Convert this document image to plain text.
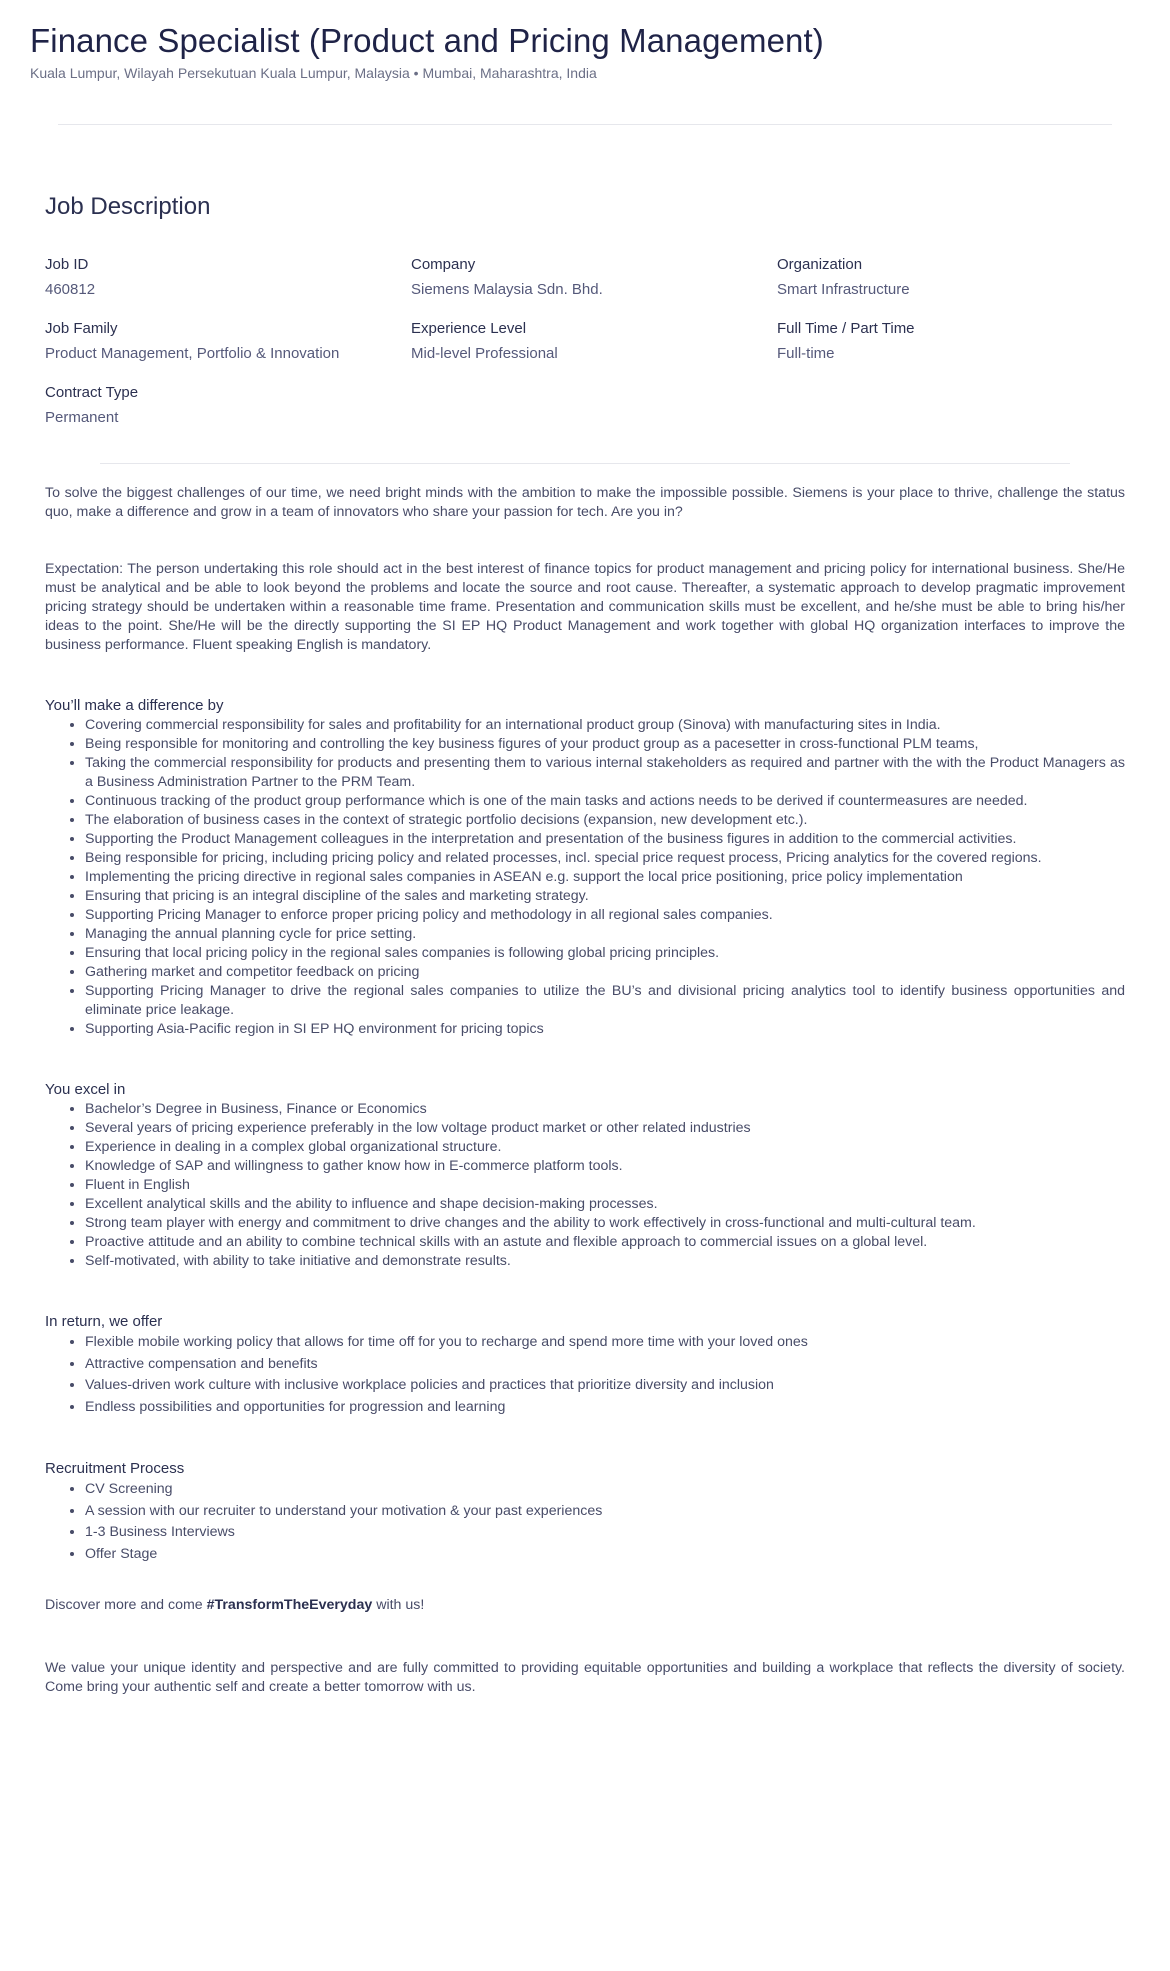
Finance Specialist (Product and Pricing Management)
Kuala Lumpur, Wilayah Persekutuan Kuala Lumpur, Malaysia • Mumbai, Maharashtra, India
Job Description
Job ID
460812
Company
Siemens Malaysia Sdn. Bhd.
Organization
Smart Infrastructure
Job Family
Product Management, Portfolio & Innovation
Experience Level
Mid-level Professional
Full Time / Part Time
Full-time
Contract Type
Permanent

To solve the biggest challenges of our time, we need bright minds with the ambition to make the impossible possible. Siemens is your place to thrive, challenge the status quo, make a difference and grow in a team of innovators who share your passion for tech. Are you in?

Expectation: The person undertaking this role should act in the best interest of finance topics for product management and pricing policy for international business. She/He must be analytical and be able to look beyond the problems and locate the source and root cause. Thereafter, a systematic approach to develop pragmatic improvement pricing strategy should be undertaken within a reasonable time frame. Presentation and communication skills must be excellent, and he/she must be able to bring his/her ideas to the point. She/He will be the directly supporting the SI EP HQ Product Management and work together with global HQ organization interfaces to improve the business performance. Fluent speaking English is mandatory.

You’ll make a difference by
• Covering commercial responsibility for sales and profitability for an international product group (Sinova) with manufacturing sites in India.
• Being responsible for monitoring and controlling the key business figures of your product group as a pacesetter in cross-functional PLM teams,
• Taking the commercial responsibility for products and presenting them to various internal stakeholders as required and partner with the with the Product Managers as a Business Administration Partner to the PRM Team.
• Continuous tracking of the product group performance which is one of the main tasks and actions needs to be derived if countermeasures are needed.
• The elaboration of business cases in the context of strategic portfolio decisions (expansion, new development etc.).
• Supporting the Product Management colleagues in the interpretation and presentation of the business figures in addition to the commercial activities.
• Being responsible for pricing, including pricing policy and related processes, incl. special price request process, Pricing analytics for the covered regions.
• Implementing the pricing directive in regional sales companies in ASEAN e.g. support the local price positioning, price policy implementation
• Ensuring that pricing is an integral discipline of the sales and marketing strategy.
• Supporting Pricing Manager to enforce proper pricing policy and methodology in all regional sales companies.
• Managing the annual planning cycle for price setting.
• Ensuring that local pricing policy in the regional sales companies is following global pricing principles.
• Gathering market and competitor feedback on pricing
• Supporting Pricing Manager to drive the regional sales companies to utilize the BU’s and divisional pricing analytics tool to identify business opportunities and eliminate price leakage.
• Supporting Asia-Pacific region in SI EP HQ environment for pricing topics
You excel in
• Bachelor’s Degree in Business, Finance or Economics
• Several years of pricing experience preferably in the low voltage product market or other related industries
• Experience in dealing in a complex global organizational structure.
• Knowledge of SAP and willingness to gather know how in E-commerce platform tools.
• Fluent in English
• Excellent analytical skills and the ability to influence and shape decision-making processes.
• Strong team player with energy and commitment to drive changes and the ability to work effectively in cross-functional and multi-cultural team.
• Proactive attitude and an ability to combine technical skills with an astute and flexible approach to commercial issues on a global level.
• Self-motivated, with ability to take initiative and demonstrate results.
In return, we offer
• Flexible mobile working policy that allows for time off for you to recharge and spend more time with your loved ones
• Attractive compensation and benefits
• Values-driven work culture with inclusive workplace policies and practices that prioritize diversity and inclusion
• Endless possibilities and opportunities for progression and learning
Recruitment Process
• CV Screening
• A session with our recruiter to understand your motivation & your past experiences
• 1-3 Business Interviews
• Offer Stage

Discover more and come #TransformTheEveryday with us!

We value your unique identity and perspective and are fully committed to providing equitable opportunities and building a workplace that reflects the diversity of society. Come bring your authentic self and create a better tomorrow with us.
